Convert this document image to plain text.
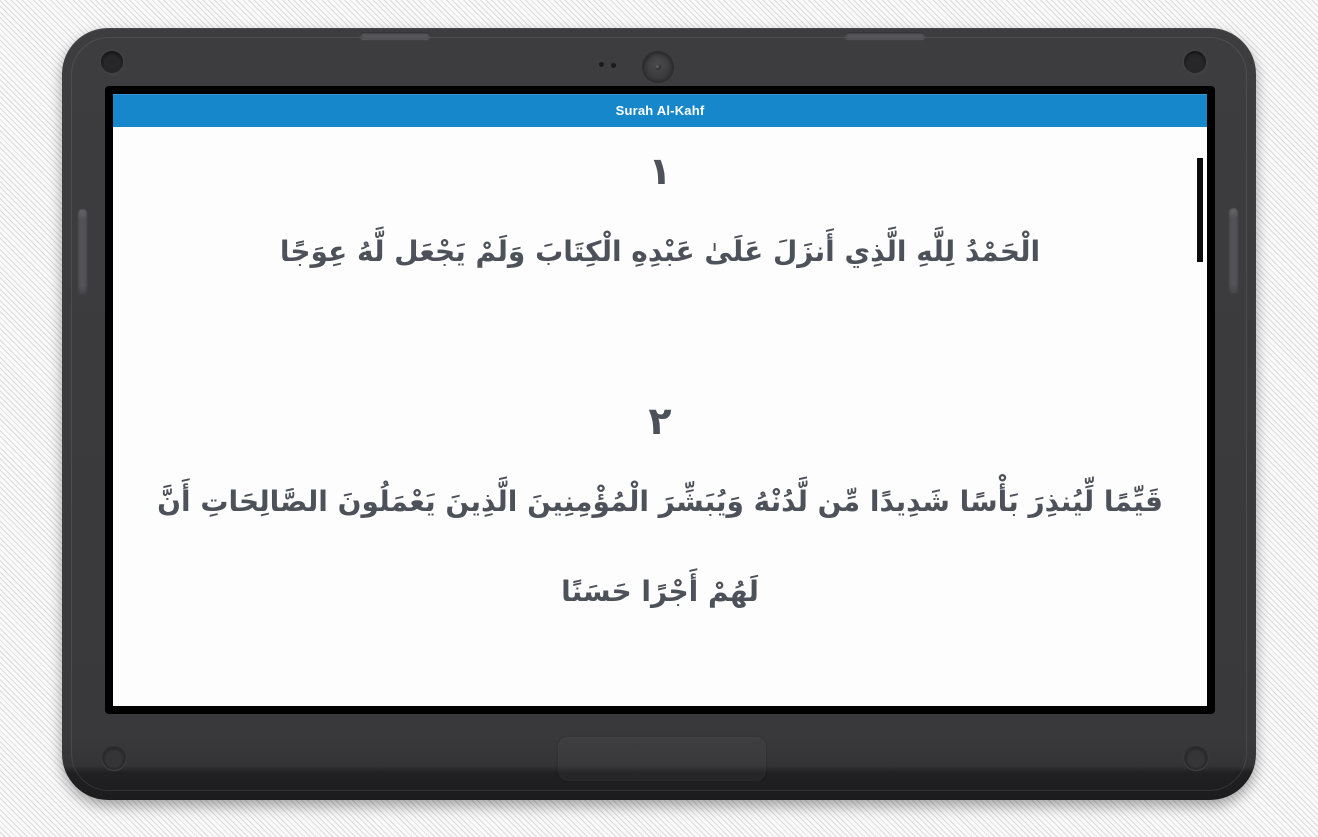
Surah Al-Kahf
١
الْحَمْدُ لِلَّهِ الَّذِي أَنزَلَ عَلَىٰ عَبْدِهِ الْكِتَابَ وَلَمْ يَجْعَل لَّهُ عِوَجًا
٢
قَيِّمًا لِّيُنذِرَ بَأْسًا شَدِيدًا مِّن لَّدُنْهُ وَيُبَشِّرَ الْمُؤْمِنِينَ الَّذِينَ يَعْمَلُونَ الصَّالِحَاتِ أَنَّ لَهُمْ أَجْرًا حَسَنًا
